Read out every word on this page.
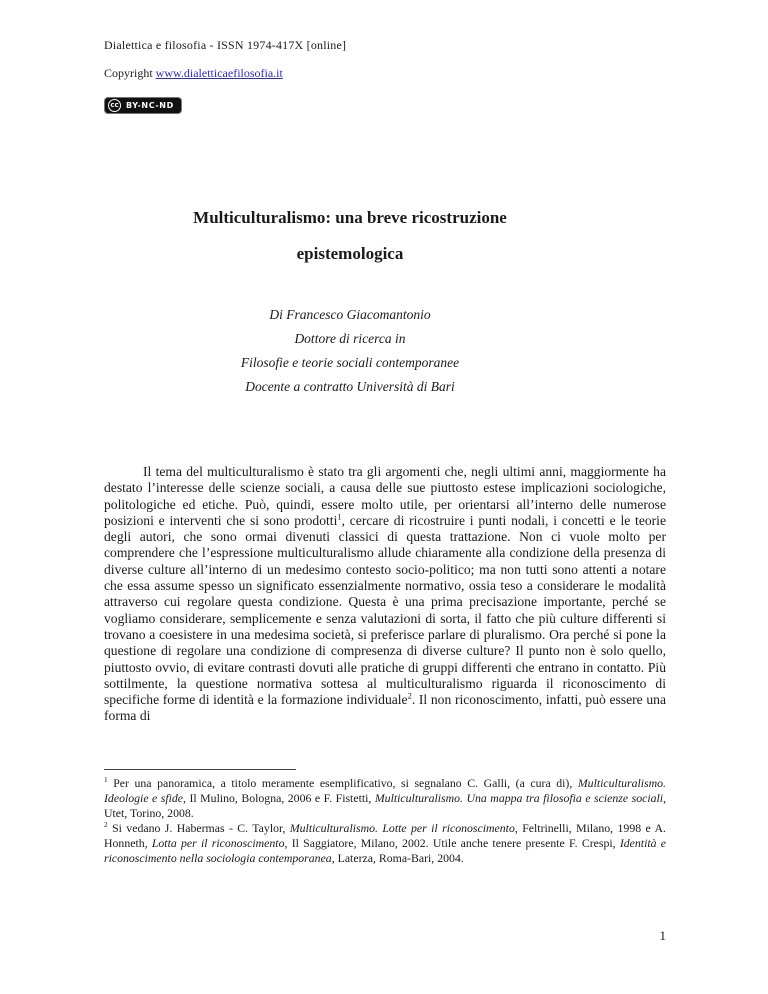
Dialettica e filosofia - ISSN 1974-417X [online]
Copyright www.dialetticaefilosofia.it
cc BY-NC-ND
Multiculturalismo: una breve ricostruzione
epistemologica
Di Francesco Giacomantonio
Dottore di ricerca in
Filosofie e teorie sociali contemporanee
Docente a contratto Università di Bari

Il tema del multiculturalismo è stato tra gli argomenti che, negli ultimi anni, maggiormente ha destato l’interesse delle scienze sociali, a causa delle sue piuttosto estese implicazioni sociologiche, politologiche ed etiche. Può, quindi, essere molto utile, per orientarsi all’interno delle numerose posizioni e interventi che si sono prodotti$^1$, cercare di ricostruire i punti nodali, i concetti e le teorie degli autori, che sono ormai divenuti classici di questa trattazione. Non ci vuole molto per comprendere che l’espressione multiculturalismo allude chiaramente alla condizione della presenza di diverse culture all’interno di un medesimo contesto socio-politico; ma non tutti sono attenti a notare che essa assume spesso un significato essenzialmente normativo, ossia teso a considerare le modalità attraverso cui regolare questa condizione. Questa è una prima precisazione importante, perché se vogliamo considerare, semplicemente e senza valutazioni di sorta, il fatto che più culture differenti si trovano a coesistere in una medesima società, si preferisce parlare di pluralismo. Ora perché si pone la questione di regolare una condizione di compresenza di diverse culture? Il punto non è solo quello, piuttosto ovvio, di evitare contrasti dovuti alle pratiche di gruppi differenti che entrano in contatto. Più sottilmente, la questione normativa sottesa al multiculturalismo riguarda il riconoscimento di specifiche forme di identità e la formazione individuale$^2$. Il non riconoscimento, infatti, può essere una forma di

$^1$ Per una panoramica, a titolo meramente esemplificativo, si segnalano C. Galli, (a cura di), Multiculturalismo. Ideologie e sfide, Il Mulino, Bologna, 2006 e F. Fistetti, Multiculturalismo. Una mappa tra filosofia e scienze sociali, Utet, Torino, 2008.

$^2$ Si vedano J. Habermas - C. Taylor, Multiculturalismo. Lotte per il riconoscimento, Feltrinelli, Milano, 1998 e A. Honneth, Lotta per il riconoscimento, Il Saggiatore, Milano, 2002. Utile anche tenere presente F. Crespi, Identità e riconoscimento nella sociologia contemporanea, Laterza, Roma-Bari, 2004.

1
